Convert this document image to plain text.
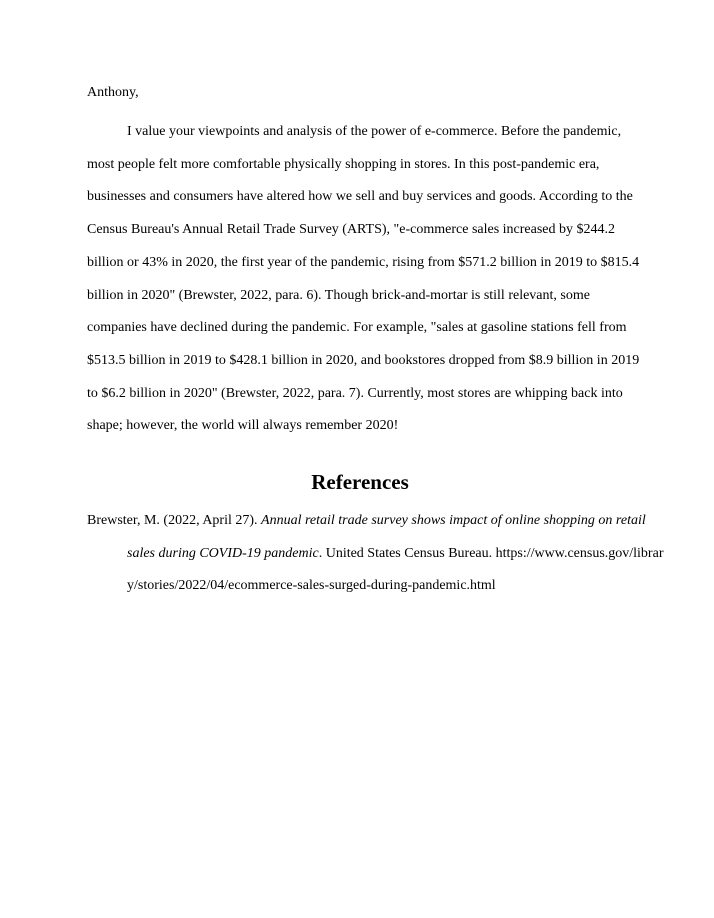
Anthony,

I value your viewpoints and analysis of the power of e-commerce. Before the pandemic, most people felt more comfortable physically shopping in stores. In this post-pandemic era, businesses and consumers have altered how we sell and buy services and goods. According to the Census Bureau's Annual Retail Trade Survey (ARTS), "e-commerce sales increased by $244.2 billion or 43% in 2020, the first year of the pandemic, rising from $571.2 billion in 2019 to $815.4 billion in 2020" (Brewster, 2022, para. 6). Though brick-and-mortar is still relevant, some companies have declined during the pandemic. For example, "sales at gasoline stations fell from $513.5 billion in 2019 to $428.1 billion in 2020, and bookstores dropped from $8.9 billion in 2019 to $6.2 billion in 2020" (Brewster, 2022, para. 7). Currently, most stores are whipping back into shape; however, the world will always remember 2020!

References

Brewster, M. (2022, April 27). Annual retail trade survey shows impact of online shopping on retail sales during COVID-19 pandemic. United States Census Bureau. https://www.census.gov/library/stories/2022/04/ecommerce-sales-surged-during-pandemic.html
